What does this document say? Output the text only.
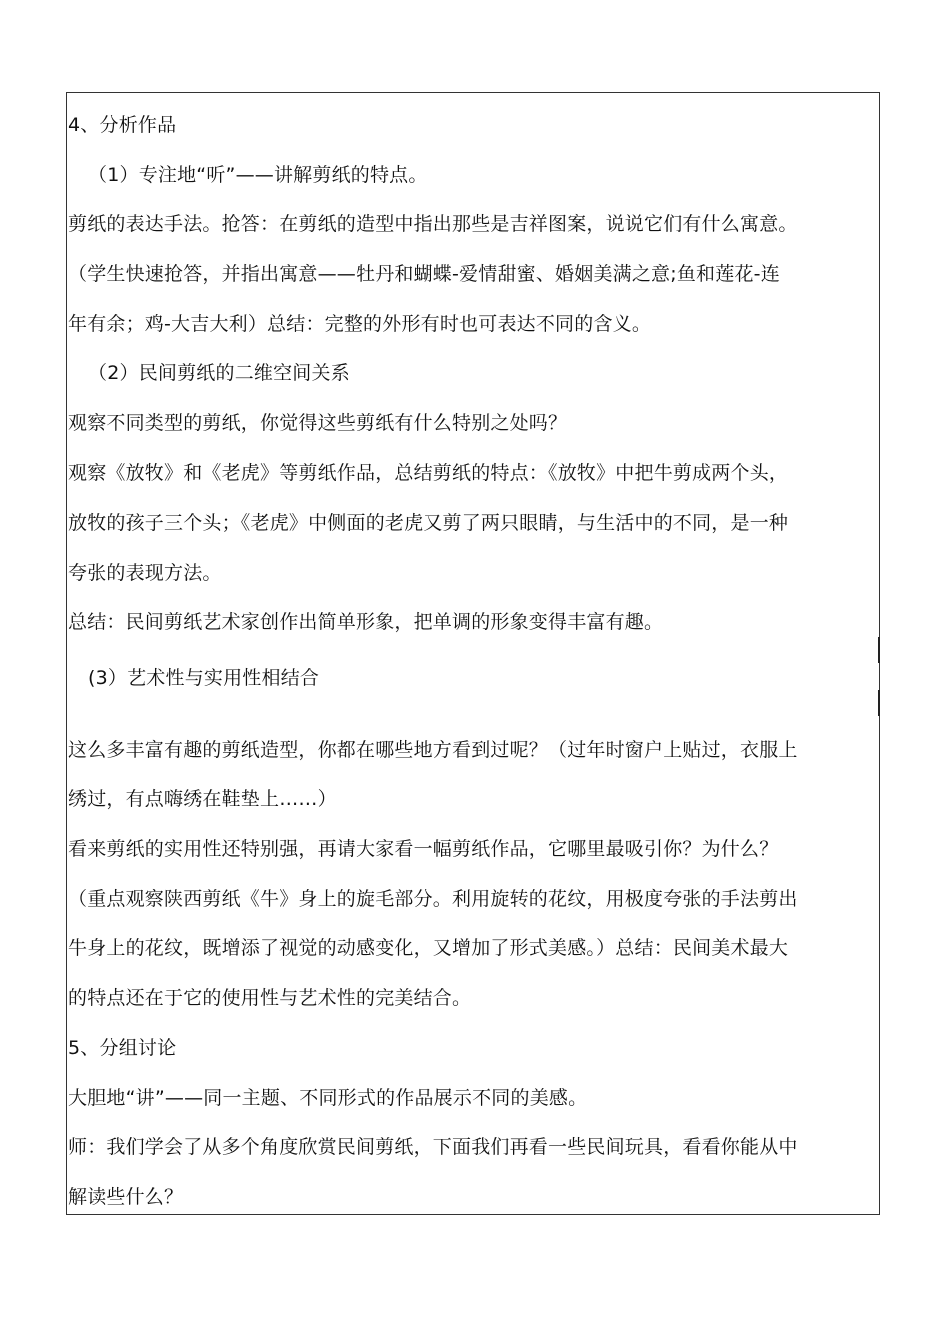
4、分析作品
（1）专注地“听”——讲解剪纸的特点。
剪纸的表达手法。抢答：在剪纸的造型中指出那些是吉祥图案，说说它们有什么寓意。
（学生快速抢答，并指出寓意——牡丹和蝴蝶-爱情甜蜜、婚姻美满之意;鱼和莲花-连
年有余；鸡-大吉大利）总结：完整的外形有时也可表达不同的含义。
（2）民间剪纸的二维空间关系
观察不同类型的剪纸，你觉得这些剪纸有什么特别之处吗？
观察《放牧》和《老虎》等剪纸作品，总结剪纸的特点：《放牧》中把牛剪成两个头，
放牧的孩子三个头；《老虎》中侧面的老虎又剪了两只眼睛，与生活中的不同，是一种
夸张的表现方法。
总结：民间剪纸艺术家创作出简单形象，把单调的形象变得丰富有趣。
(3）艺术性与实用性相结合
这么多丰富有趣的剪纸造型，你都在哪些地方看到过呢？（过年时窗户上贴过，衣服上
绣过，有点嗨绣在鞋垫上……）
看来剪纸的实用性还特别强，再请大家看一幅剪纸作品，它哪里最吸引你？为什么？
（重点观察陕西剪纸《牛》身上的旋毛部分。利用旋转的花纹，用极度夸张的手法剪出
牛身上的花纹，既增添了视觉的动感变化，又增加了形式美感。）总结：民间美术最大
的特点还在于它的使用性与艺术性的完美结合。
5、分组讨论
大胆地“讲”——同一主题、不同形式的作品展示不同的美感。
师：我们学会了从多个角度欣赏民间剪纸，下面我们再看一些民间玩具，看看你能从中
解读些什么？
